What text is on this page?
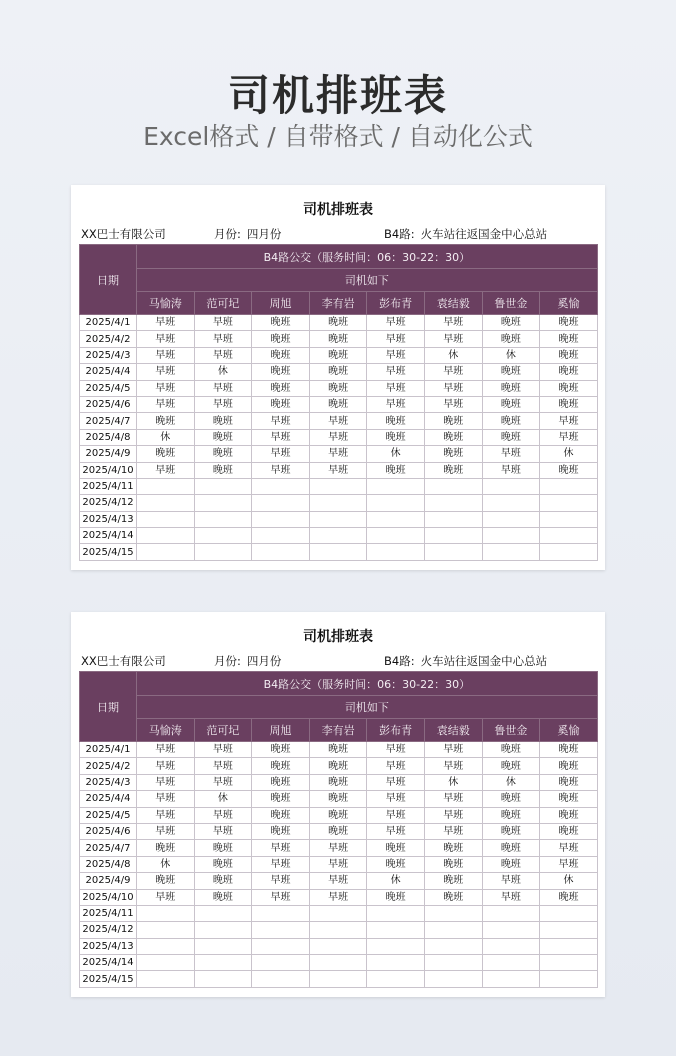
司机排班表
Excel格式 / 自带格式 / 自动化公式
司机排班表
XX巴士有限公司	月份: 四月份	B4路: 火车站往返国金中心总站
日期	B4路公交（服务时间：06：30-22：30）							
	司机如下							
	马愉涛	范可圮	周旭	李有岩	彭布青	袁结毅	鲁世金	奚愉
2025/4/1	早班	早班	晚班	晚班	早班	早班	晚班	晚班
2025/4/2	早班	早班	晚班	晚班	早班	早班	晚班	晚班
2025/4/3	早班	早班	晚班	晚班	早班	休	休	晚班
2025/4/4	早班	休	晚班	晚班	早班	早班	晚班	晚班
2025/4/5	早班	早班	晚班	晚班	早班	早班	晚班	晚班
2025/4/6	早班	早班	晚班	晚班	早班	早班	晚班	晚班
2025/4/7	晚班	晚班	早班	早班	晚班	晚班	晚班	早班
2025/4/8	休	晚班	早班	早班	晚班	晚班	晚班	早班
2025/4/9	晚班	晚班	早班	早班	休	晚班	早班	休
2025/4/10	早班	晚班	早班	早班	晚班	晚班	早班	晚班
2025/4/11								
2025/4/12								
2025/4/13								
2025/4/14								
2025/4/15								
司机排班表
XX巴士有限公司	月份: 四月份	B4路: 火车站往返国金中心总站
日期	B4路公交（服务时间：06：30-22：30）							
	司机如下							
	马愉涛	范可圮	周旭	李有岩	彭布青	袁结毅	鲁世金	奚愉
2025/4/1	早班	早班	晚班	晚班	早班	早班	晚班	晚班
2025/4/2	早班	早班	晚班	晚班	早班	早班	晚班	晚班
2025/4/3	早班	早班	晚班	晚班	早班	休	休	晚班
2025/4/4	早班	休	晚班	晚班	早班	早班	晚班	晚班
2025/4/5	早班	早班	晚班	晚班	早班	早班	晚班	晚班
2025/4/6	早班	早班	晚班	晚班	早班	早班	晚班	晚班
2025/4/7	晚班	晚班	早班	早班	晚班	晚班	晚班	早班
2025/4/8	休	晚班	早班	早班	晚班	晚班	晚班	早班
2025/4/9	晚班	晚班	早班	早班	休	晚班	早班	休
2025/4/10	早班	晚班	早班	早班	晚班	晚班	早班	晚班
2025/4/11								
2025/4/12								
2025/4/13								
2025/4/14								
2025/4/15								
